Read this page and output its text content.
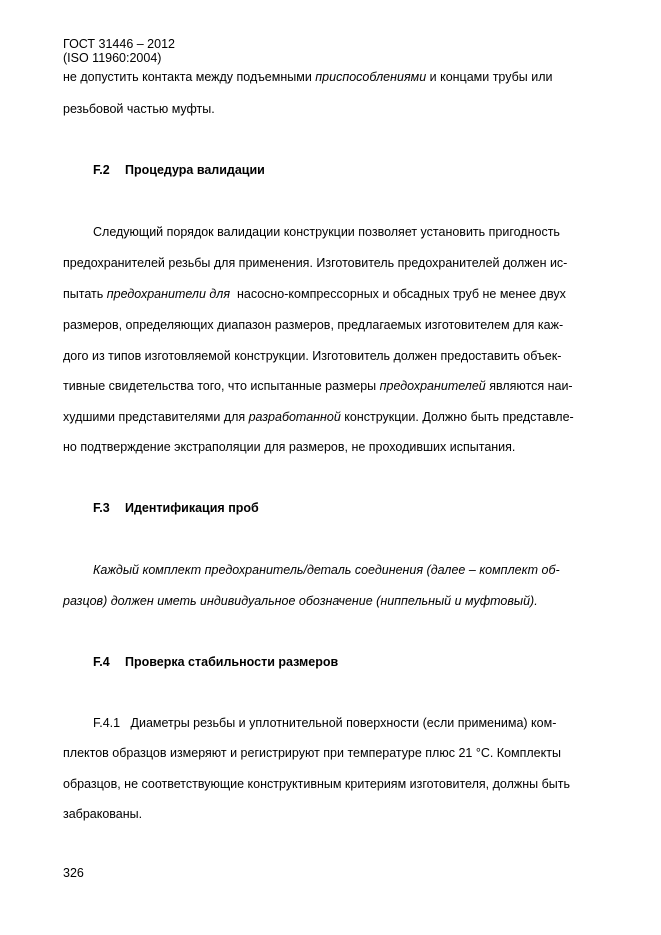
ГОСТ 31446 – 2012
(ISO 11960:2004)
не допустить контакта между подъемными приспособлениями и концами трубы или
резьбовой частью муфты.
F.2 Процедура валидации
Следующий порядок валидации конструкции позволяет установить пригодность
предохранителей резьбы для применения. Изготовитель предохранителей должен ис-
пытать предохранители для  насосно-компрессорных и обсадных труб не менее двух
размеров, определяющих диапазон размеров, предлагаемых изготовителем для каж-
дого из типов изготовляемой конструкции. Изготовитель должен предоставить объек-
тивные свидетельства того, что испытанные размеры предохранителей являются наи-
худшими представителями для разработанной конструкции. Должно быть представле-
но подтверждение экстраполяции для размеров, не проходивших испытания.
F.3 Идентификация проб
Каждый комплект предохранитель/деталь соединения (далее – комплект об-
разцов) должен иметь индивидуальное обозначение (ниппельный и муфтовый).
F.4 Проверка стабильности размеров
F.4.1   Диаметры резьбы и уплотнительной поверхности (если применима) ком-
плектов образцов измеряют и регистрируют при температуре плюс 21 °С. Комплекты
образцов, не соответствующие конструктивным критериям изготовителя, должны быть
забракованы.
326
